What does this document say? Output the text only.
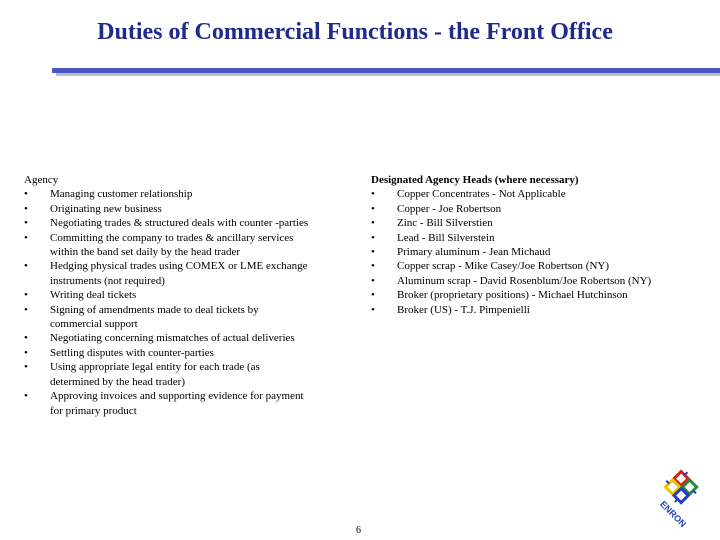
Duties of Commercial Functions - the Front Office
Agency
•	Managing customer relationship
•	Originating new business
•	Negotiating trades & structured deals with counter -parties
•	Committing the company to trades & ancillary services within the band set daily by the head trader
•	Hedging physical trades using COMEX or LME exchange instruments (not required)
•	Writing deal tickets
•	Signing of amendments made to deal tickets by commercial support
•	Negotiating concerning mismatches of actual deliveries
•	Settling disputes with counter-parties
•	Using appropriate legal entity for each trade (as determined by the head trader)
•	Approving invoices and supporting evidence for payment for primary product
Designated Agency Heads (where necessary)
•	Copper Concentrates - Not Applicable
•	Copper - Joe Robertson
•	Zinc - Bill Silverstien
•	Lead - Bill Silverstein
•	Primary aluminum - Jean Michaud
•	Copper scrap - Mike Casey/Joe Robertson (NY)
•	Aluminum scrap - David Rosenblum/Joe Robertson (NY)
•	Broker (proprietary positions) - Michael Hutchinson
•	Broker (US) - T.J. Pimpenielli
6
ENRON
